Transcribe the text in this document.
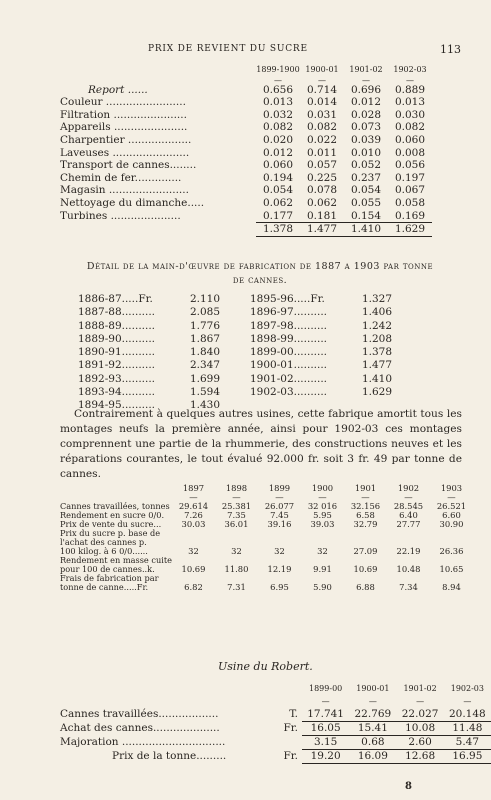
PRIX DE REVIENT DU SUCRE	113
	1899-1900	1900-01	1901-02	1902-03
	—	—	—	—
Report ......	0.656	0.714	0.696	0.889
Couleur ........................	0.013	0.014	0.012	0.013
Filtration ......................	0.032	0.031	0.028	0.030
Appareils ......................	0.082	0.082	0.073	0.082
Charpentier ...................	0.020	0.022	0.039	0.060
Laveuses .......................	0.012	0.011	0.010	0.008
Transport de cannes........	0.060	0.057	0.052	0.056
Chemin de fer..............	0.194	0.225	0.237	0.197
Magasin ........................	0.054	0.078	0.054	0.067
Nettoyage du dimanche.....	0.062	0.062	0.055	0.058
Turbines .....................	0.177	0.181	0.154	0.169
	1.378	1.477	1.410	1.629
Détail de la main-d'œuvre de fabrication de 1887 a 1903 par tonne
de cannes.
1886-87.....Fr.	2.110
1887-88..........	2.085
1888-89..........	1.776
1889-90..........	1.867
1890-91..........	1.840
1891-92..........	2.347
1892-93..........	1.699
1893-94..........	1.594
1894-95..........	1.430
1895-96.....Fr.	1.327
1896-97..........	1.406
1897-98..........	1.242
1898-99..........	1.208
1899-00..........	1.378
1900-01..........	1.477
1901-02..........	1.410
1902-03..........	1.629

Contrairement à quelques autres usines, cette fabrique amortit tous les montages neufs la première année, ainsi pour 1902-03 ces montages comprennent une partie de la rhummerie, des constructions neuves et les réparations courantes, le tout évalué 92.000 fr. soit 3 fr. 49 par tonne de cannes.

	1897	1898	1899	1900	1901	1902	1903
	—	—	—	—	—	—	—
Cannes travaillées, tonnes	29.614	25.381	26.077	32 016	32.156	28.545	26.521
Rendement en sucre 0/0.	7.26	7.35	7.45	5.95	6.58	6.40	6.60
Prix de vente du sucre...	30.03	36.01	39.16	39.03	32.79	27.77	30.90

Prix du sucre p. base de
l'achat des cannes p.
100 kilog. à 6 0/0......	32	32	32	32	27.09	22.19	26.36

Rendement en masse cuite
pour 100 de cannes..k.	10.69	11.80	12.19	9.91	10.69	10.48	10.65

Frais de fabrication par
tonne de canne.....Fr.	6.82	7.31	6.95	5.90	6.88	7.34	8.94
Usine du Robert.
		1899-00	1900-01	1901-02	1902-03
		—	—	—	—
Cannes travaillées..................	T.	17.741	22.769	22.027	20.148
Achat des cannes....................	Fr.	16.05	15.41	10.08	11.48
Majoration ...............................		3.15	0.68	2.60	5.47
Prix de la tonne.........	Fr.	19.20	16.09	12.68	16.95
8
